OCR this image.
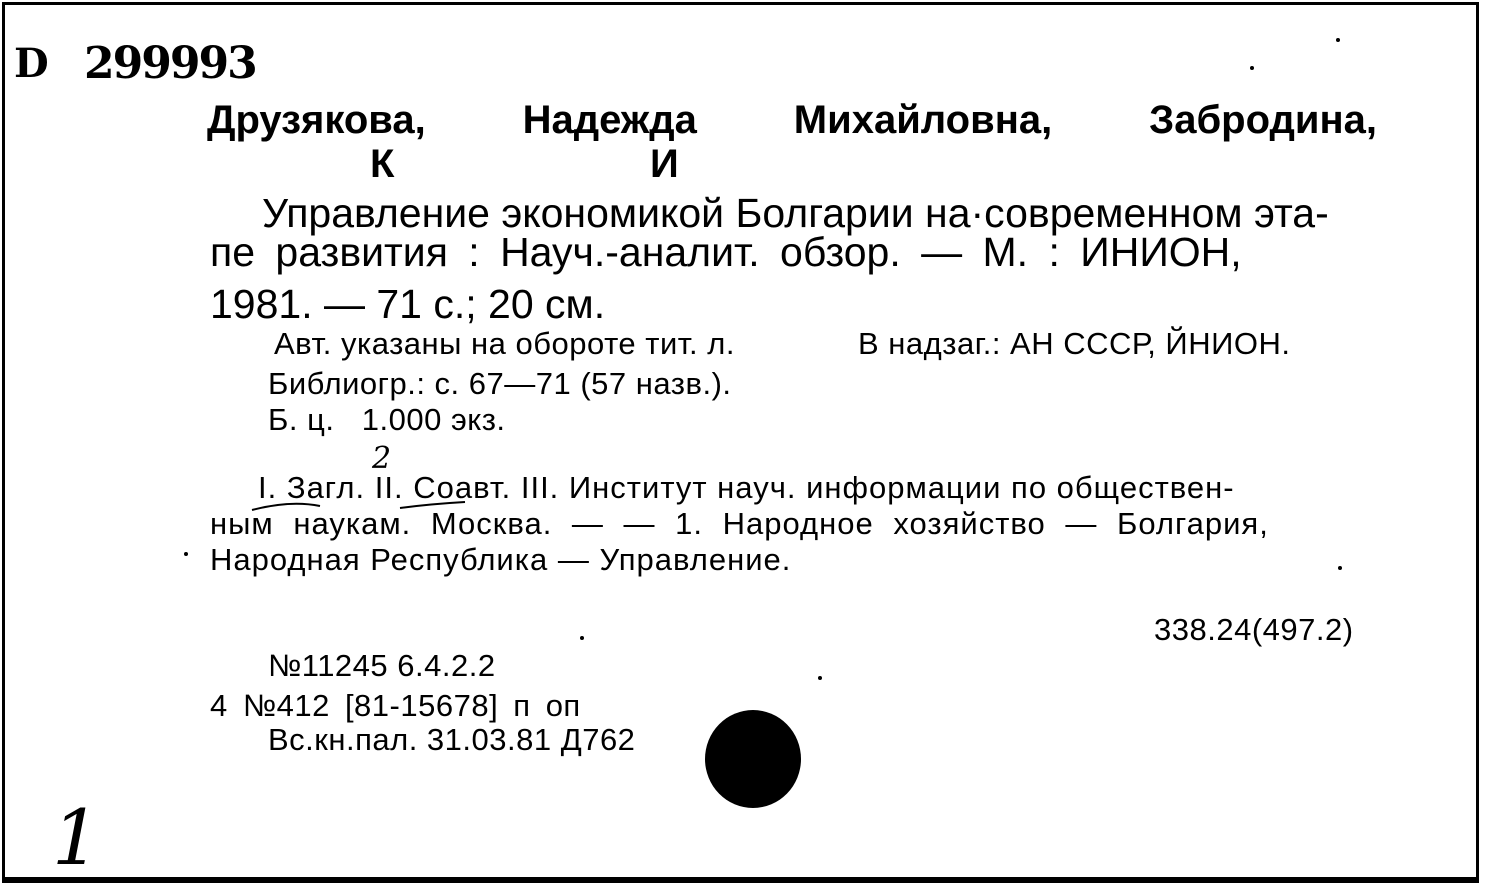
D 299993
Друзякова, Надежда Михайловна, Забродина,
К	И
Управление экономикой Болгарии на·современном эта-
пе развития : Науч.-аналит. обзор. — М. : ИНИОН,
1981. — 71 с.; 20 см.
Авт. указаны на обороте тит. л.	В надзаг.: АН СССР, ЙНИОН.
Библиогр.: с. 67—71 (57 назв.).
Б. ц.   1.000 экз.
2
I. Загл. II. Соавт. III. Институт науч. информации по обществен-
ным наукам. Москва. — — 1. Народное хозяйство — Болгария,
Народная Республика — Управление.
338.24(497.2)
№11245 6.4.2.2
4 №412 [81-15678] п оп
Вс.кн.пал. 31.03.81 Д762
1
